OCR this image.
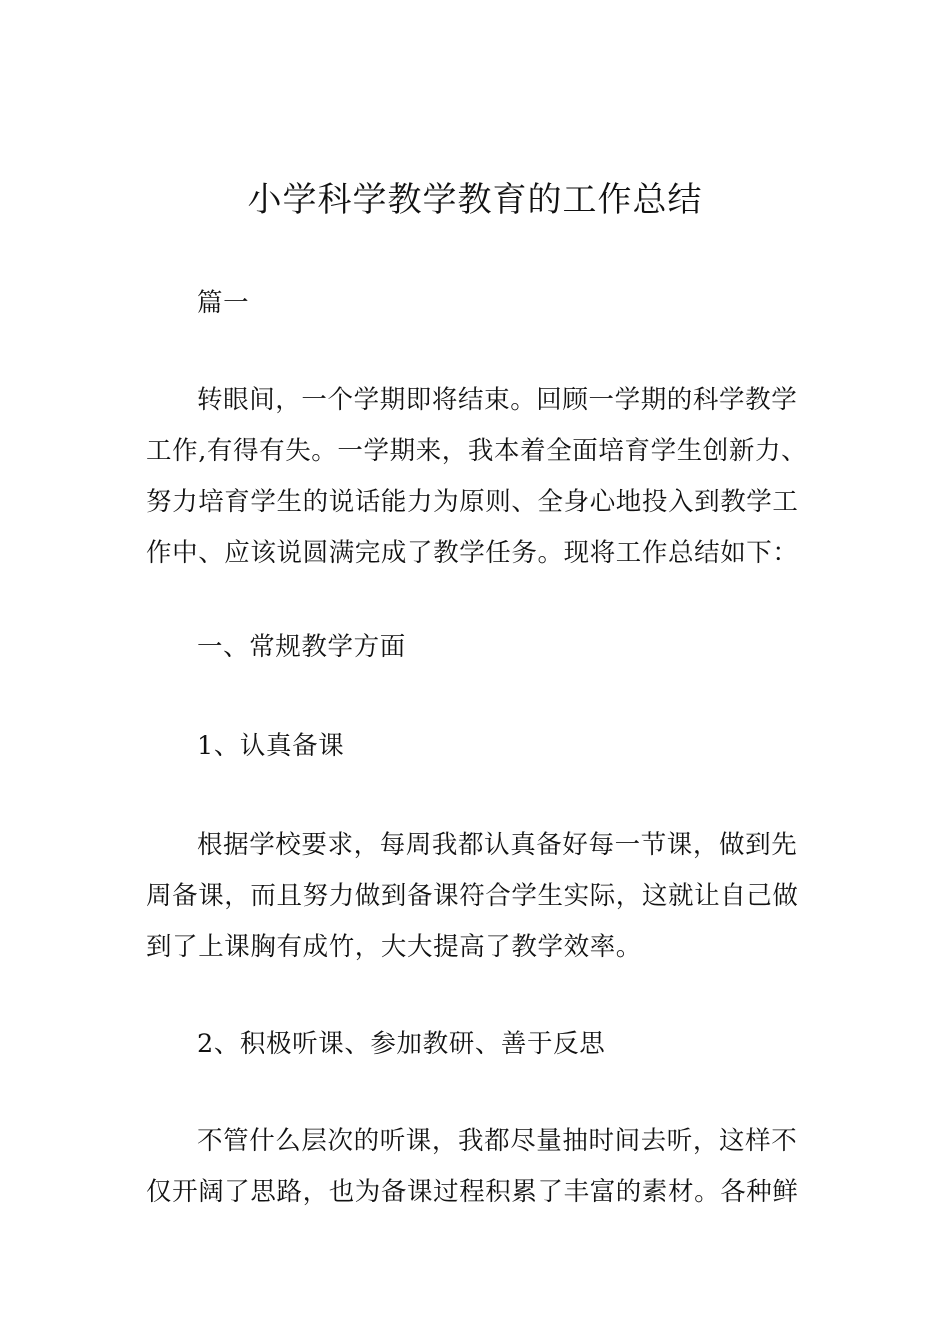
小学科学教学教育的工作总结

篇一

转眼间，一个学期即将结束。回顾一学期的科学教学
工作,有得有失。一学期来，我本着全面培育学生创新力、
努力培育学生的说话能力为原则、全身心地投入到教学工
作中、应该说圆满完成了教学任务。现将工作总结如下：

一、常规教学方面

1、认真备课

根据学校要求，每周我都认真备好每一节课，做到先
周备课，而且努力做到备课符合学生实际，这就让自己做
到了上课胸有成竹，大大提高了教学效率。

2、积极听课、参加教研、善于反思

不管什么层次的听课，我都尽量抽时间去听，这样不
仅开阔了思路，也为备课过程积累了丰富的素材。各种鲜
